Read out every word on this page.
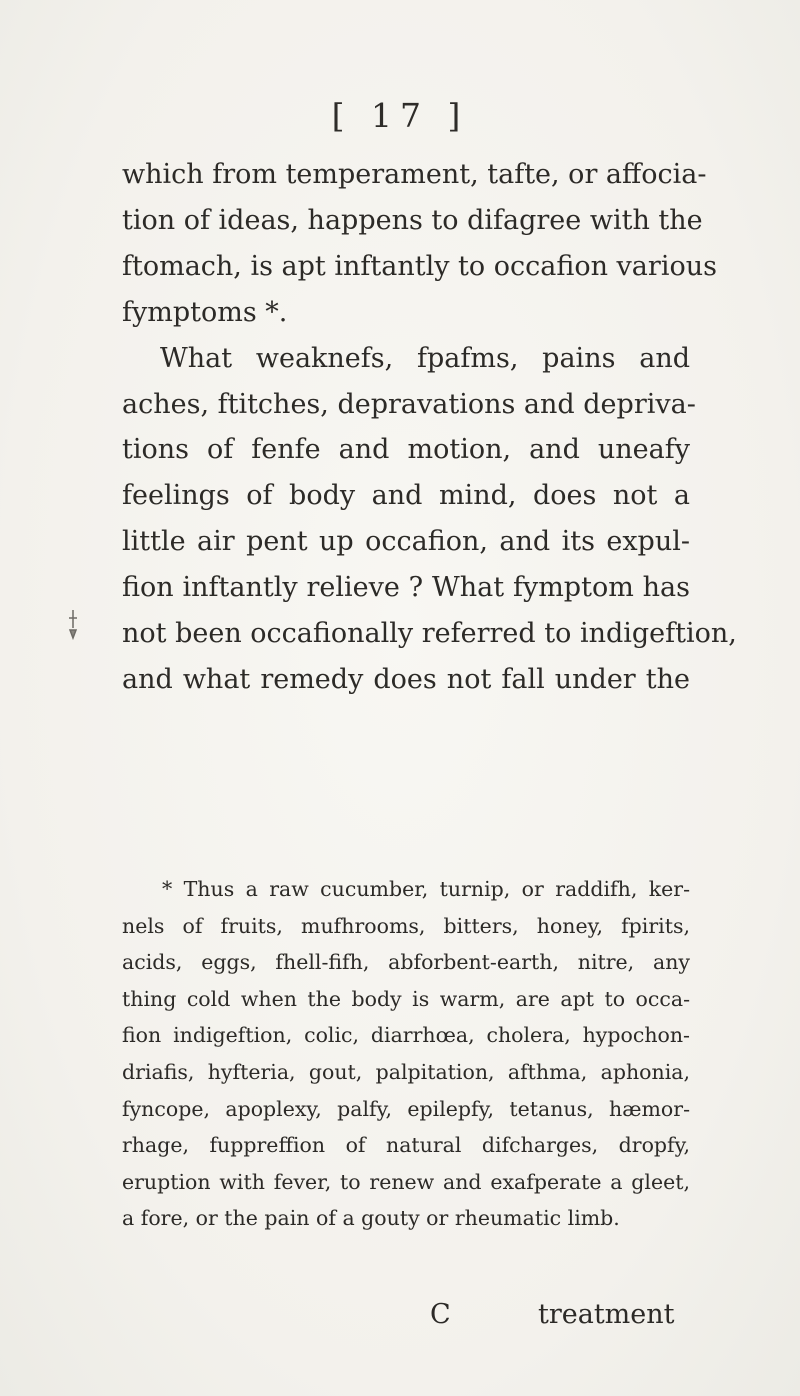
[ 17 ]
which from temperament, tafte, or affocia-
tion of ideas, happens to difagree with the
ftomach, is apt inftantly to occafion various
fymptoms *.
What weaknefs, fpafms, pains and
aches, ftitches, depravations and depriva-
tions of fenfe and motion, and uneafy
feelings of body and mind, does not a
little air pent up occafion, and its expul-
fion inftantly relieve ? What fymptom has
not been occafionally referred to indigeftion,
and what remedy does not fall under the
* Thus a raw cucumber, turnip, or raddifh, ker-
nels of fruits, mufhrooms, bitters, honey, fpirits,
acids, eggs, fhell-fifh, abforbent-earth, nitre, any
thing cold when the body is warm, are apt to occa-
fion indigeftion, colic, diarrhœa, cholera, hypochon-
driafis, hyfteria, gout, palpitation, afthma, aphonia,
fyncope, apoplexy, palfy, epilepfy, tetanus, hæmor-
rhage, fuppreffion of natural difcharges, dropfy,
eruption with fever, to renew and exafperate a gleet,
a fore, or the pain of a gouty or rheumatic limb.
C	treatment
